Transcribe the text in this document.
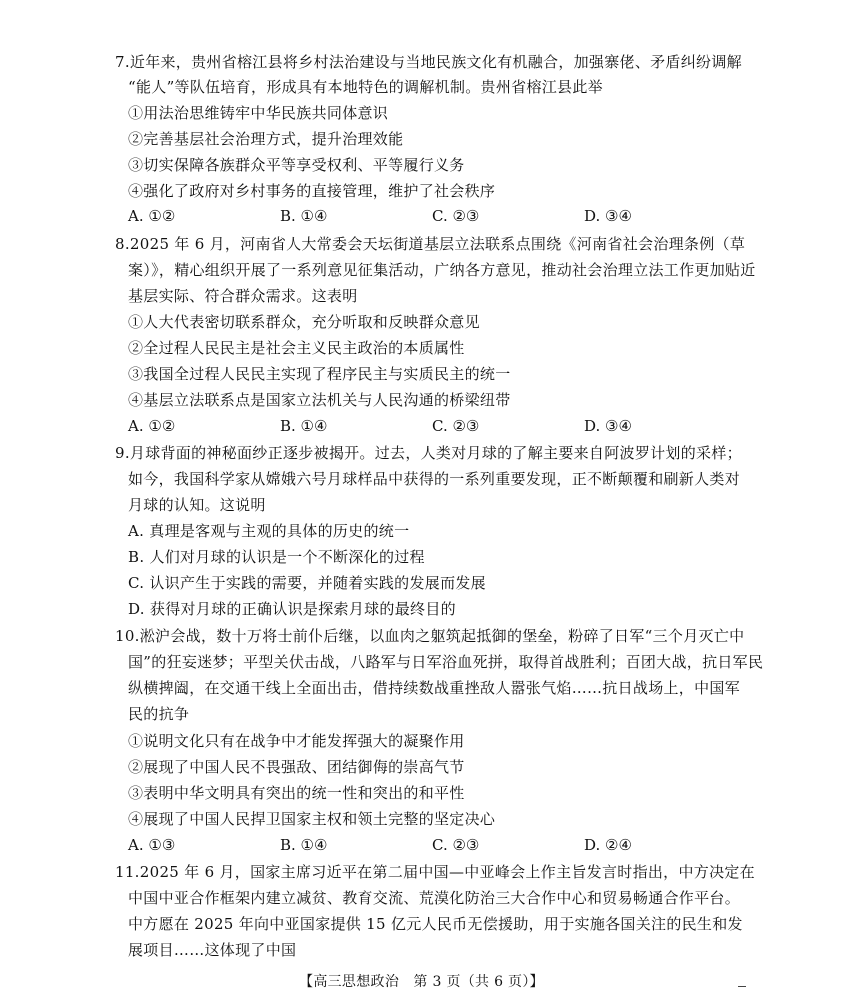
7.近年来，贵州省榕江县将乡村法治建设与当地民族文化有机融合，加强寨佬、矛盾纠纷调解
“能人”等队伍培育，形成具有本地特色的调解机制。贵州省榕江县此举
①用法治思维铸牢中华民族共同体意识
②完善基层社会治理方式，提升治理效能
③切实保障各族群众平等享受权利、平等履行义务
④强化了政府对乡村事务的直接管理，维护了社会秩序
A. ①②	B. ①④	C. ②③	D. ③④
8.2025 年 6 月，河南省人大常委会天坛街道基层立法联系点围绕《河南省社会治理条例（草
案）》，精心组织开展了一系列意见征集活动，广纳各方意见，推动社会治理立法工作更加贴近
基层实际、符合群众需求。这表明
①人大代表密切联系群众，充分听取和反映群众意见
②全过程人民民主是社会主义民主政治的本质属性
③我国全过程人民民主实现了程序民主与实质民主的统一
④基层立法联系点是国家立法机关与人民沟通的桥梁纽带
A. ①②	B. ①④	C. ②③	D. ③④
9.月球背面的神秘面纱正逐步被揭开。过去，人类对月球的了解主要来自阿波罗计划的采样；
如今，我国科学家从嫦娥六号月球样品中获得的一系列重要发现，正不断颠覆和刷新人类对
月球的认知。这说明
A. 真理是客观与主观的具体的历史的统一
B. 人们对月球的认识是一个不断深化的过程
C. 认识产生于实践的需要，并随着实践的发展而发展
D. 获得对月球的正确认识是探索月球的最终目的
10.淞沪会战，数十万将士前仆后继，以血肉之躯筑起抵御的堡垒，粉碎了日军“三个月灭亡中
国”的狂妄迷梦；平型关伏击战，八路军与日军浴血死拼，取得首战胜利；百团大战，抗日军民
纵横捭阖，在交通干线上全面出击，借持续数战重挫敌人嚣张气焰……抗日战场上，中国军
民的抗争
①说明文化只有在战争中才能发挥强大的凝聚作用
②展现了中国人民不畏强敌、团结御侮的崇高气节
③表明中华文明具有突出的统一性和突出的和平性
④展现了中国人民捍卫国家主权和领土完整的坚定决心
A. ①③	B. ①④	C. ②③	D. ②④
11.2025 年 6 月，国家主席习近平在第二届中国—中亚峰会上作主旨发言时指出，中方决定在
中国中亚合作框架内建立减贫、教育交流、荒漠化防治三大合作中心和贸易畅通合作平台。
中方愿在 2025 年向中亚国家提供 15 亿元人民币无偿援助，用于实施各国关注的民生和发
展项目……这体现了中国
【高三思想政治　第 3 页（共 6 页）】
